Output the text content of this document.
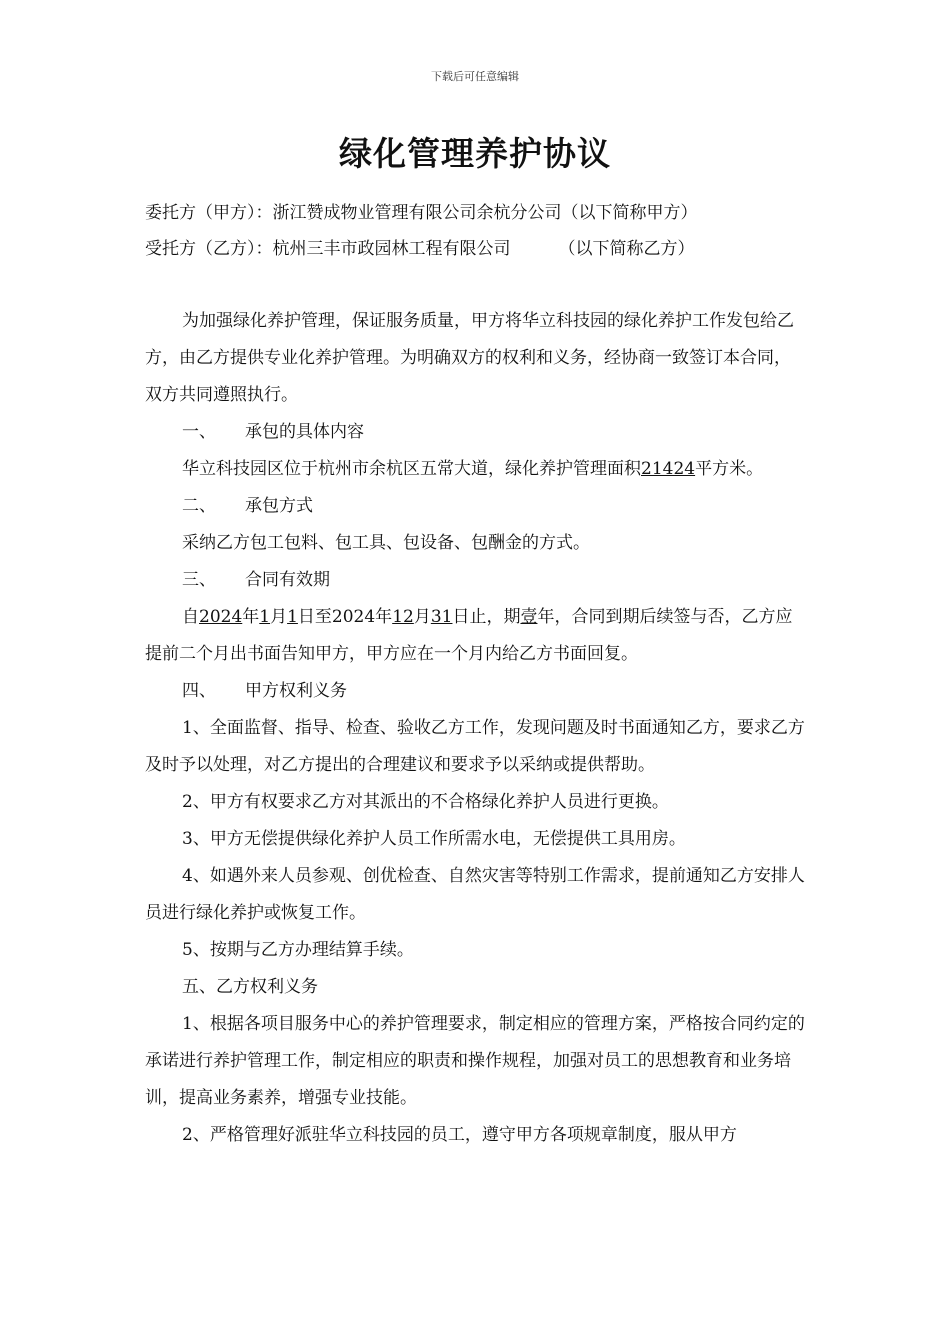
下载后可任意编辑
绿化管理养护协议
委托方（甲方）：浙江赞成物业管理有限公司余杭分公司（以下简称甲方）
受托方（乙方）：杭州三丰市政园林工程有限公司	（以下简称乙方）

为加强绿化养护管理，保证服务质量，甲方将华立科技园的绿化养护工作发包给乙方，由乙方提供专业化养护管理。为明确双方的权利和义务，经协商一致签订本合同，双方共同遵照执行。

一、 承包的具体内容

华立科技园区位于杭州市余杭区五常大道，绿化养护管理面积21424平方米。

二、 承包方式

采纳乙方包工包料、包工具、包设备、包酬金的方式。

三、 合同有效期

自2024年1月1日至2024年12月31日止，期壹年，合同到期后续签与否，乙方应提前二个月出书面告知甲方，甲方应在一个月内给乙方书面回复。

四、 甲方权利义务

1、全面监督、指导、检查、验收乙方工作，发现问题及时书面通知乙方，要求乙方及时予以处理，对乙方提出的合理建议和要求予以采纳或提供帮助。

2、甲方有权要求乙方对其派出的不合格绿化养护人员进行更换。

3、甲方无偿提供绿化养护人员工作所需水电，无偿提供工具用房。

4、如遇外来人员参观、创优检查、自然灾害等特别工作需求，提前通知乙方安排人员进行绿化养护或恢复工作。

5、按期与乙方办理结算手续。

五、乙方权利义务

1、根据各项目服务中心的养护管理要求，制定相应的管理方案，严格按合同约定的承诺进行养护管理工作，制定相应的职责和操作规程，加强对员工的思想教育和业务培训，提高业务素养，增强专业技能。

2、严格管理好派驻华立科技园的员工，遵守甲方各项规章制度，服从甲方
